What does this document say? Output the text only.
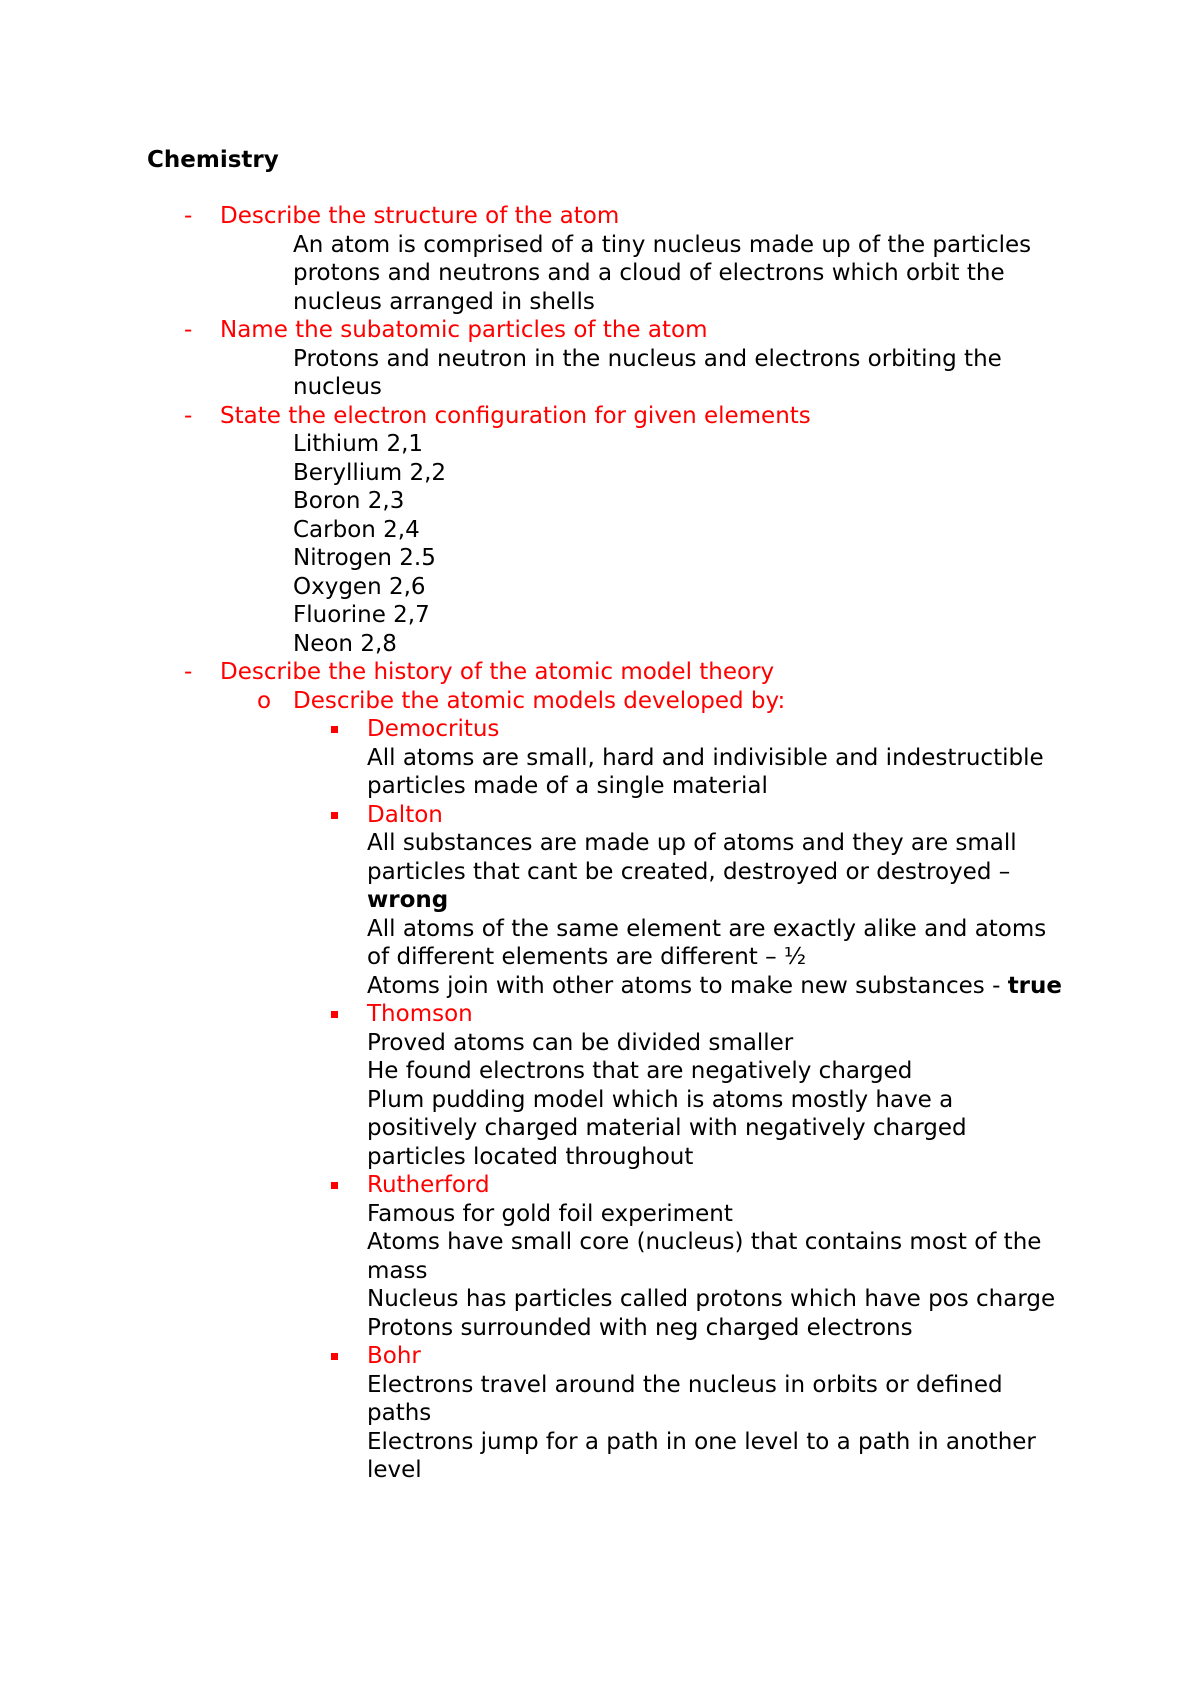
Chemistry
- Describe the structure of the atom

An atom is comprised of a tiny nucleus made up of the particles protons and neutrons and a cloud of electrons which orbit the nucleus arranged in shells

- Name the subatomic particles of the atom

Protons and neutron in the nucleus and electrons orbiting the nucleus

- State the electron configuration for given elements

Lithium 2,1

Beryllium 2,2

Boron 2,3

Carbon 2,4

Nitrogen 2.5

Oxygen 2,6

Fluorine 2,7

Neon 2,8

- Describe the history of the atomic model theory
o Describe the atomic models developed by:
Democritus

All atoms are small, hard and indivisible and indestructible particles made of a single material

Dalton

All substances are made up of atoms and they are small particles that cant be created, destroyed or destroyed – wrong

All atoms of the same element are exactly alike and atoms of different elements are different – ½

Atoms join with other atoms to make new substances - true

Thomson

Proved atoms can be divided smaller

He found electrons that are negatively charged

Plum pudding model which is atoms mostly have a positively charged material with negatively charged particles located throughout

Rutherford

Famous for gold foil experiment

Atoms have small core (nucleus) that contains most of the mass

Nucleus has particles called protons which have pos charge

Protons surrounded with neg charged electrons

Bohr

Electrons travel around the nucleus in orbits or defined paths

Electrons jump for a path in one level to a path in another level
